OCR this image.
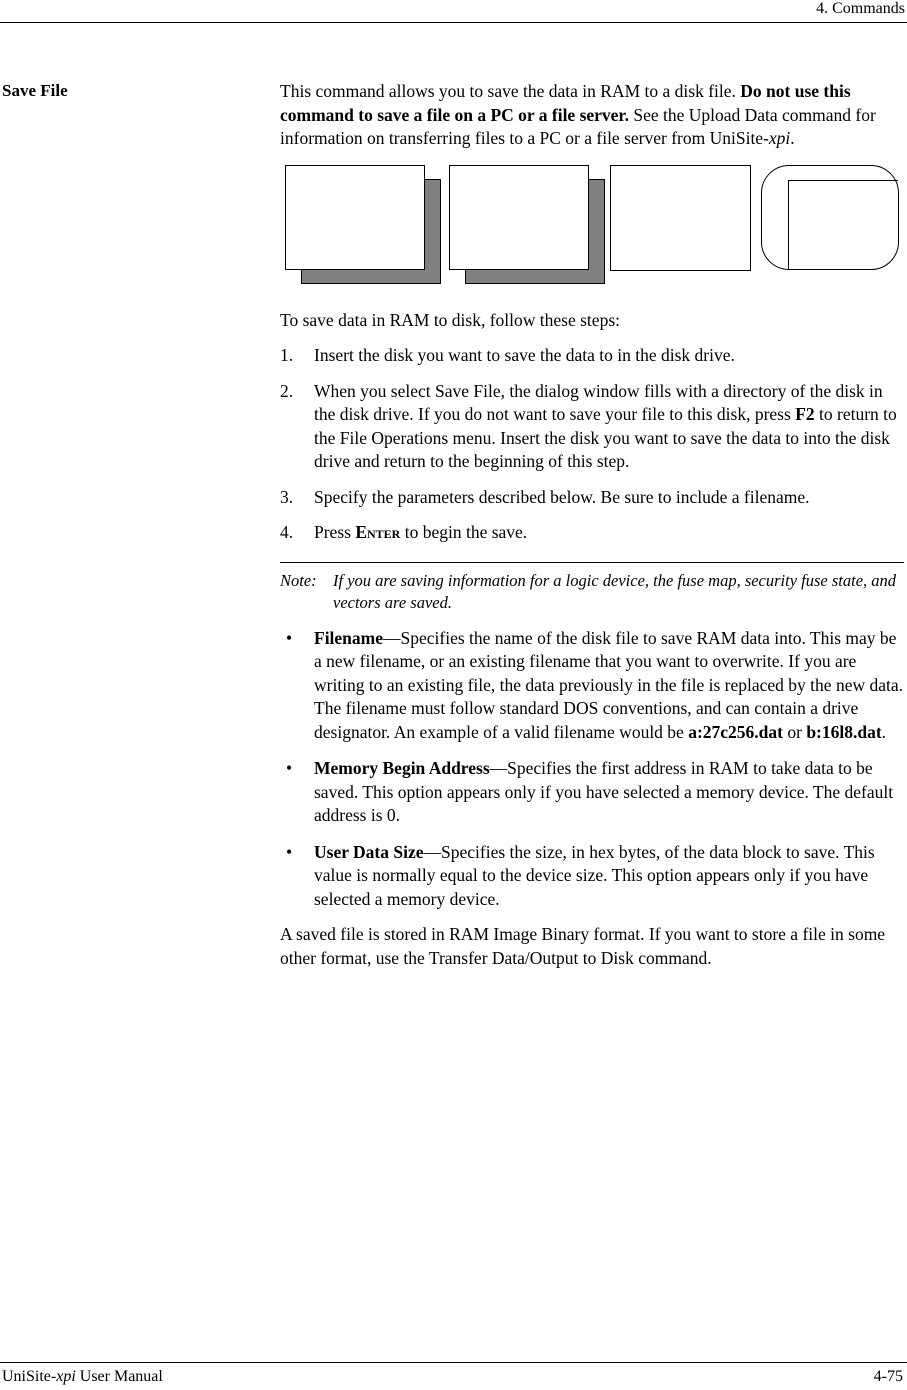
4. Commands
Save File	This command allows you to save the data in RAM to a disk file. Do not use this command to save a file on a PC or a file server. See the Upload Data command for information on transferring files to a PC or a file server from UniSite-xpi.

To save data in RAM to disk, follow these steps:

1. Insert the disk you want to save the data to in the disk drive.
2. When you select Save File, the dialog window fills with a directory of the disk in the disk drive. If you do not want to save your file to this disk, press F2 to return to the File Operations menu. Insert the disk you want to save the data to into the disk drive and return to the beginning of this step.
3. Specify the parameters described below. Be sure to include a filename.
4. Press Enter to begin the save.
Note: If you are saving information for a logic device, the fuse map, security fuse state, and vectors are saved.
• Filename—Specifies the name of the disk file to save RAM data into. This may be a new filename, or an existing filename that you want to overwrite. If you are writing to an existing file, the data previously in the file is replaced by the new data. The filename must follow standard DOS conventions, and can contain a drive designator. An example of a valid filename would be a:27c256.dat or b:16l8.dat.
• Memory Begin Address—Specifies the first address in RAM to take data to be saved. This option appears only if you have selected a memory device. The default address is 0.
• User Data Size—Specifies the size, in hex bytes, of the data block to save. This value is normally equal to the device size. This option appears only if you have selected a memory device.

A saved file is stored in RAM Image Binary format. If you want to store a file in some other format, use the Transfer Data/Output to Disk command.

UniSite-xpi User Manual	4-75
